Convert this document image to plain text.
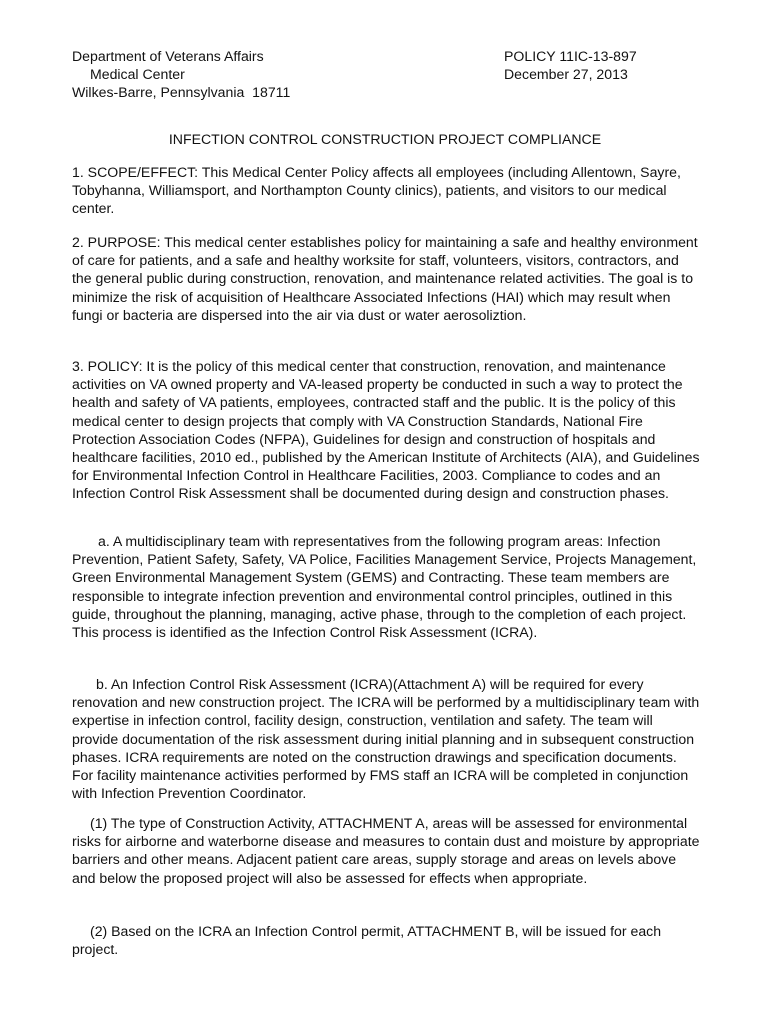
Department of Veterans Affairs
Medical Center
Wilkes-Barre, Pennsylvania  18711
POLICY 11IC-13-897
December 27, 2013
INFECTION CONTROL CONSTRUCTION PROJECT COMPLIANCE

1. SCOPE/EFFECT: This Medical Center Policy affects all employees (including Allentown, Sayre, Tobyhanna, Williamsport, and Northampton County clinics), patients, and visitors to our medical center.

2. PURPOSE: This medical center establishes policy for maintaining a safe and healthy environment of care for patients, and a safe and healthy worksite for staff, volunteers, visitors, contractors, and the general public during construction, renovation, and maintenance related activities. The goal is to minimize the risk of acquisition of Healthcare Associated Infections (HAI) which may result when fungi or bacteria are dispersed into the air via dust or water aerosoliztion.

3. POLICY: It is the policy of this medical center that construction, renovation, and maintenance activities on VA owned property and VA-leased property be conducted in such a way to protect the health and safety of VA patients, employees, contracted staff and the public. It is the policy of this medical center to design projects that comply with VA Construction Standards, National Fire Protection Association Codes (NFPA), Guidelines for design and construction of hospitals and healthcare facilities, 2010 ed., published by the American Institute of Architects (AIA), and Guidelines for Environmental Infection Control in Healthcare Facilities, 2003. Compliance to codes and an Infection Control Risk Assessment shall be documented during design and construction phases.

a. A multidisciplinary team with representatives from the following program areas: Infection Prevention, Patient Safety, Safety, VA Police, Facilities Management Service, Projects Management, Green Environmental Management System (GEMS) and Contracting. These team members are responsible to integrate infection prevention and environmental control principles, outlined in this guide, throughout the planning, managing, active phase, through to the completion of each project. This process is identified as the Infection Control Risk Assessment (ICRA).

b. An Infection Control Risk Assessment (ICRA)(Attachment A) will be required for every renovation and new construction project. The ICRA will be performed by a multidisciplinary team with expertise in infection control, facility design, construction, ventilation and safety. The team will provide documentation of the risk assessment during initial planning and in subsequent construction phases. ICRA requirements are noted on the construction drawings and specification documents. For facility maintenance activities performed by FMS staff an ICRA will be completed in conjunction with Infection Prevention Coordinator.

(1) The type of Construction Activity, ATTACHMENT A, areas will be assessed for environmental risks for airborne and waterborne disease and measures to contain dust and moisture by appropriate barriers and other means. Adjacent patient care areas, supply storage and areas on levels above and below the proposed project will also be assessed for effects when appropriate.

(2) Based on the ICRA an Infection Control permit, ATTACHMENT B, will be issued for each project.
